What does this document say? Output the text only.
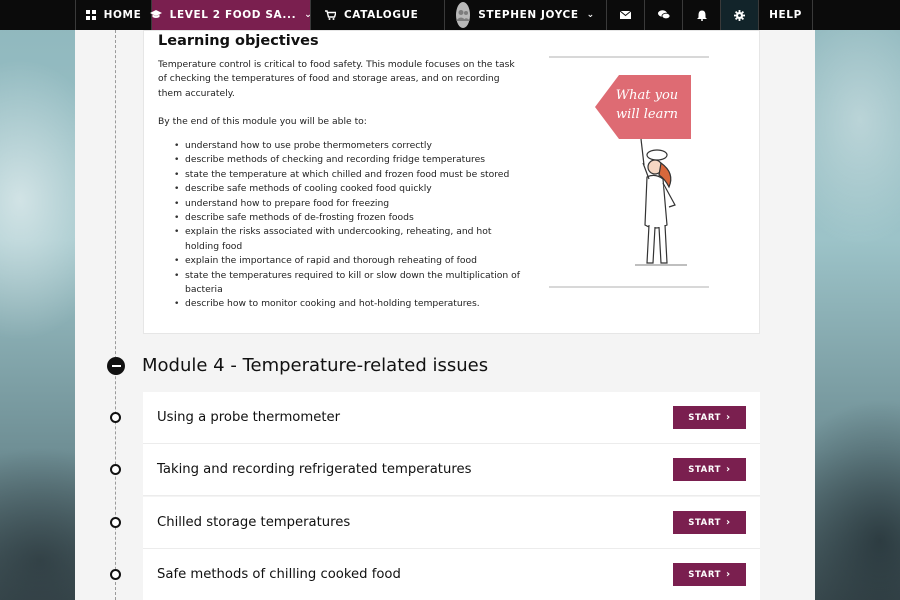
HOME	LEVEL 2 FOOD SA... ⌄	CATALOGUE	STEPHEN JOYCE ⌄	HELP
Learning objectives
Temperature control is critical to food safety. This module focuses on the task of checking the temperatures of food and storage areas, and on recording them accurately.
By the end of this module you will be able to:
• understand how to use probe thermometers correctly
• describe methods of checking and recording fridge temperatures
• state the temperature at which chilled and frozen food must be stored
• describe safe methods of cooling cooked food quickly
• understand how to prepare food for freezing
• describe safe methods of de-frosting frozen foods
• explain the risks associated with undercooking, reheating, and hot holding food
• explain the importance of rapid and thorough reheating of food
• state the temperatures required to kill or slow down the multiplication of bacteria
• describe how to monitor cooking and hot-holding temperatures.
What you
will learn
Module 4 - Temperature-related issues
Using a probe thermometer	START ›
Taking and recording refrigerated temperatures	START ›
Chilled storage temperatures	START ›
Safe methods of chilling cooked food	START ›
